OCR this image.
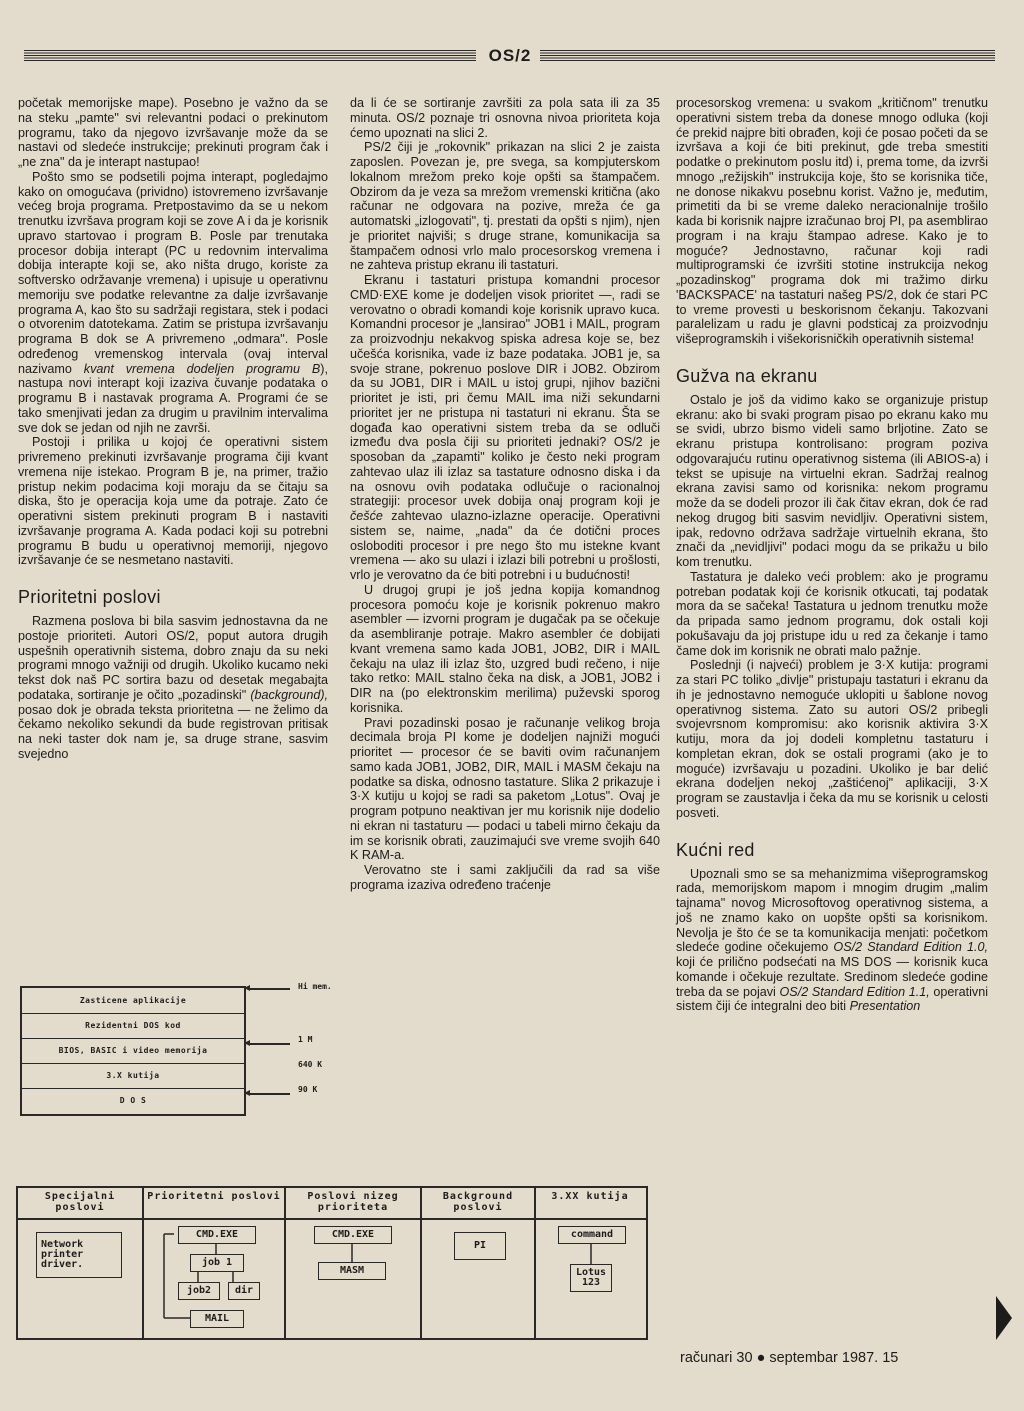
OS/2

početak memorijske mape). Posebno je važno da se na steku „pamte" svi relevantni podaci o prekinutom programu, tako da njegovo izvršavanje može da se nastavi od sledeće instrukcije; prekinuti program čak i „ne zna" da je interapt nastupao!

Pošto smo se podsetili pojma interapt, pogledajmo kako on omogućava (prividno) istovremeno izvršavanje većeg broja programa. Pretpostavimo da se u nekom trenutku izvršava program koji se zove A i da je korisnik upravo startovao i program B. Posle par trenutaka procesor dobija interapt (PC u redovnim intervalima dobija interapte koji se, ako ništa drugo, koriste za softversko održavanje vremena) i upisuje u operativnu memoriju sve podatke relevantne za dalje izvršavanje programa A, kao što su sadržaji registara, stek i podaci o otvorenim datotekama. Zatim se pristupa izvršavanju programa B dok se A privremeno „odmara". Posle određenog vremenskog intervala (ovaj interval nazivamo kvant vremena dodeljen programu B), nastupa novi interapt koji izaziva čuvanje podataka o programu B i nastavak programa A. Programi će se tako smenjivati jedan za drugim u pravilnim intervalima sve dok se jedan od njih ne završi.

Postoji i prilika u kojoj će operativni sistem privremeno prekinuti izvršavanje programa čiji kvant vremena nije istekao. Program B je, na primer, tražio pristup nekim podacima koji moraju da se čitaju sa diska, što je operacija koja ume da potraje. Zato će operativni sistem prekinuti program B i nastaviti izvršavanje programa A. Kada podaci koji su potrebni programu B budu u operativnoj memoriji, njegovo izvršavanje će se nesmetano nastaviti.

Prioritetni poslovi

Razmena poslova bi bila sasvim jednostavna da ne postoje prioriteti. Autori OS/2, poput autora drugih uspešnih operativnih sistema, dobro znaju da su neki programi mnogo važniji od drugih. Ukoliko kucamo neki tekst dok naš PC sortira bazu od desetak megabajta podataka, sortiranje je očito „pozadinski" (background), posao dok je obrada teksta prioritetna — ne želimo da čekamo nekoliko sekundi da bude registrovan pritisak na neki taster dok nam je, sa druge strane, sasvim svejedno

da li će se sortiranje završiti za pola sata ili za 35 minuta. OS/2 poznaje tri osnovna nivoa prioriteta koja ćemo upoznati na slici 2.

PS/2 čiji je „rokovnik" prikazan na slici 2 je zaista zaposlen. Povezan je, pre svega, sa kompjuterskom lokalnom mrežom preko koje opšti sa štampačem. Obzirom da je veza sa mrežom vremenski kritična (ako računar ne odgovara na pozive, mreža će ga automatski „izlogovati", tj. prestati da opšti s njim), njen je prioritet najviši; s druge strane, komunikacija sa štampačem odnosi vrlo malo procesorskog vremena i ne zahteva pristup ekranu ili tastaturi.

Ekranu i tastaturi pristupa komandni procesor CMD·EXE kome je dodeljen visok prioritet —, radi se verovatno o obradi komandi koje korisnik upravo kuca. Komandni procesor je „lansirao" JOB1 i MAIL, program za proizvodnju nekakvog spiska adresa koje se, bez učešća korisnika, vade iz baze podataka. JOB1 je, sa svoje strane, pokrenuo poslove DIR i JOB2. Obzirom da su JOB1, DIR i MAIL u istoj grupi, njihov bazični prioritet je isti, pri čemu MAIL ima niži sekundarni prioritet jer ne pristupa ni tastaturi ni ekranu. Šta se događa kao operativni sistem treba da se odluči između dva posla čiji su prioriteti jednaki? OS/2 je sposoban da „zapamti" koliko je često neki program zahtevao ulaz ili izlaz sa tastature odnosno diska i da na osnovu ovih podataka odlučuje o racionalnoj strategiji: procesor uvek dobija onaj program koji je češće zahtevao ulazno-izlazne operacije. Operativni sistem se, naime, „nada" da će dotični proces osloboditi procesor i pre nego što mu istekne kvant vremena — ako su ulazi i izlazi bili potrebni u prošlosti, vrlo je verovatno da će biti potrebni i u budućnosti!

U drugoj grupi je još jedna kopija komandnog procesora pomoću koje je korisnik pokrenuo makro asembler — izvorni program je dugačak pa se očekuje da asembliranje potraje. Makro asembler će dobijati kvant vremena samo kada JOB1, JOB2, DIR i MAIL čekaju na ulaz ili izlaz što, uzgred budi rečeno, i nije tako retko: MAIL stalno čeka na disk, a JOB1, JOB2 i DIR na (po elektronskim merilima) puževski sporog korisnika.

Pravi pozadinski posao je računanje velikog broja decimala broja PI kome je dodeljen najniži mogući prioritet — procesor će se baviti ovim računanjem samo kada JOB1, JOB2, DIR, MAIL i MASM čekaju na podatke sa diska, odnosno tastature. Slika 2 prikazuje i 3·X kutiju u kojoj se radi sa paketom „Lotus". Ovaj je program potpuno neaktivan jer mu korisnik nije dodelio ni ekran ni tastaturu — podaci u tabeli mirno čekaju da im se korisnik obrati, zauzimajući sve vreme svojih 640 K RAM-a.

Verovatno ste i sami zaključili da rad sa više programa izaziva određeno traćenje

procesorskog vremena: u svakom „kritičnom" trenutku operativni sistem treba da donese mnogo odluka (koji će prekid najpre biti obrađen, koji će posao početi da se izvršava a koji će biti prekinut, gde treba smestiti podatke o prekinutom poslu itd) i, prema tome, da izvrši mnogo „režijskih" instrukcija koje, što se korisnika tiče, ne donose nikakvu posebnu korist. Važno je, međutim, primetiti da bi se vreme daleko neracionalnije trošilo kada bi korisnik najpre izračunao broj PI, pa asemblirao program i na kraju štampao adrese. Kako je to moguće? Jednostavno, računar koji radi multiprogramski će izvršiti stotine instrukcija nekog „pozadinskog" programa dok mi tražimo dirku 'BACKSPACE' na tastaturi našeg PS/2, dok će stari PC to vreme provesti u beskorisnom čekanju. Takozvani paralelizam u radu je glavni podsticaj za proizvodnju višeprogramskih i višekorisničkih operativnih sistema!

Gužva na ekranu

Ostalo je još da vidimo kako se organizuje pristup ekranu: ako bi svaki program pisao po ekranu kako mu se svidi, ubrzo bismo videli samo brljotine. Zato se ekranu pristupa kontrolisano: program poziva odgovarajuću rutinu operativnog sistema (ili ABIOS-a) i tekst se upisuje na virtuelni ekran. Sadržaj realnog ekrana zavisi samo od korisnika: nekom programu može da se dodeli prozor ili čak čitav ekran, dok će rad nekog drugog biti sasvim nevidljiv. Operativni sistem, ipak, redovno održava sadržaje virtuelnih ekrana, što znači da „nevidljivi" podaci mogu da se prikažu u bilo kom trenutku.

Tastatura je daleko veći problem: ako je programu potreban podatak koji će korisnik otkucati, taj podatak mora da se sačeka! Tastatura u jednom trenutku može da pripada samo jednom programu, dok ostali koji pokušavaju da joj pristupe idu u red za čekanje i tamo čame dok im korisnik ne obrati malo pažnje.

Poslednji (i najveći) problem je 3·X kutija: programi za stari PC toliko „divlje" pristupaju tastaturi i ekranu da ih je jednostavno nemoguće uklopiti u šablone novog operativnog sistema. Zato su autori OS/2 pribegli svojevrsnom kompromisu: ako korisnik aktivira 3·X kutiju, mora da joj dodeli kompletnu tastaturu i kompletan ekran, dok se ostali programi (ako je to moguće) izvršavaju u pozadini. Ukoliko je bar delić ekrana dodeljen nekoj „zaštićenoj" aplikaciji, 3·X program se zaustavlja i čeka da mu se korisnik u celosti posveti.

Kućni red

Upoznali smo se sa mehanizmima višeprogramskog rada, memorijskom mapom i mnogim drugim „malim tajnama" novog Microsoftovog operativnog sistema, a još ne znamo kako on uopšte opšti sa korisnikom. Nevolja je što će se ta komunikacija menjati: početkom sledeće godine očekujemo OS/2 Standard Edition 1.0, koji će prilično podsećati na MS DOS — korisnik kuca komande i očekuje rezultate. Sredinom sledeće godine treba da se pojavi OS/2 Standard Edition 1.1, operativni sistem čiji će integralni deo biti Presentation

Zasticene aplikacije
Rezidentni DOS kod
BIOS, BASIC i video memorija
3.X kutija
D O S
Hi mem.
1 M
640 K
90 K
Specijalni poslovi
Prioritetni poslovi	Poslovi nizeg prioriteta
Background poslovi
3.XX kutija
Network printer driver.
CMD.EXE
job 1
job2	dir
MAIL
CMD.EXE
MASM
PI
command
Lotus 123
računari 30 ● septembar 1987. 15
